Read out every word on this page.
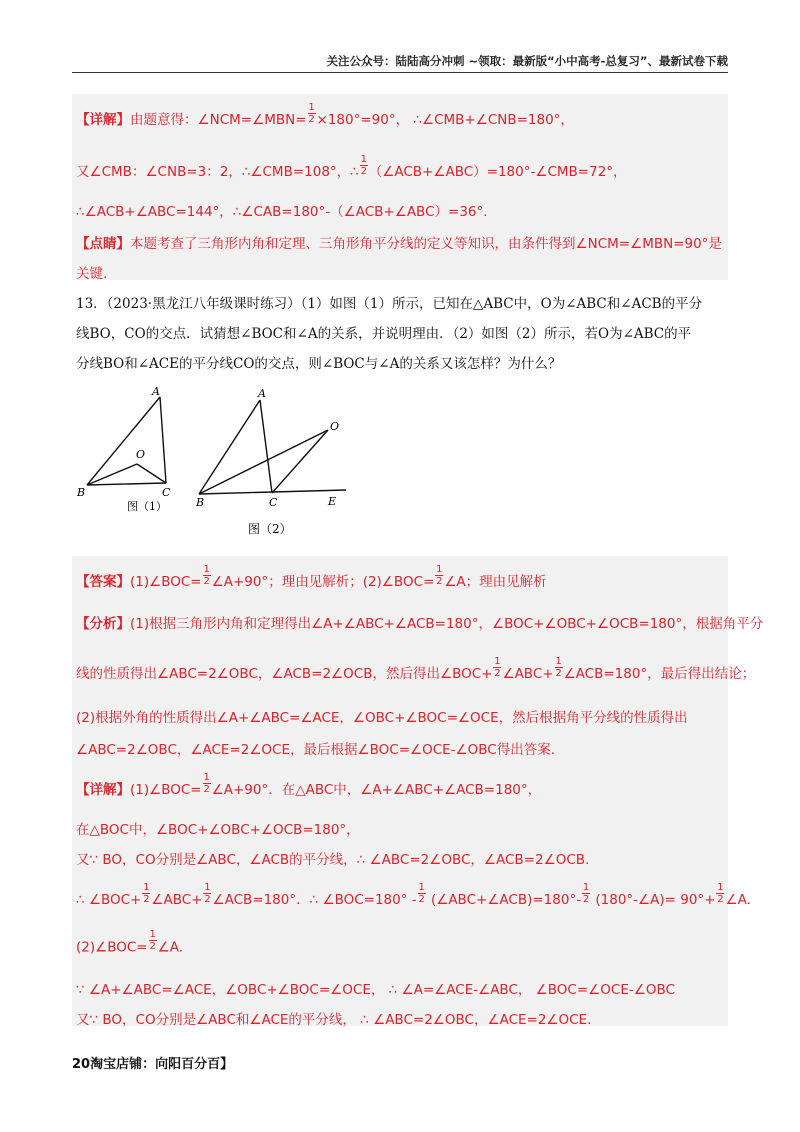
关注公众号：陆陆高分冲刺 ~领取：最新版“小中高考-总复习”、最新试卷下载
【详解】由题意得：∠NCM=∠MBN= $\frac{1}{2} \times 180^\circ=90^\circ$， ∴∠CMB+∠CNB=180°，
又∠CMB：∠CNB=3：2，∴∠CMB=108°，∴ $\frac{1}{2}$ （∠ACB+∠ABC）=180°-∠CMB=72°，
∴∠ACB+∠ABC=144°，∴∠CAB=180°-（∠ACB+∠ABC）=36°.
【点睛】本题考查了三角形内角和定理、三角形角平分线的定义等知识，由条件得到∠NCM=∠MBN=90°是
关键.
13．（2023·黑龙江八年级课时练习）（1）如图（1）所示，已知在△ABC中，O为∠ABC和∠ACB的平分
线BO，CO的交点．试猜想∠BOC和∠A的关系，并说明理由．（2）如图（2）所示，若O为∠ABC的平
分线BO和∠ACE的平分线CO的交点，则∠BOC与∠A的关系又该怎样？为什么？
A
O
B	C
图（1）
A
O
B	C	E
图（2）
【答案】(1)∠BOC= $\frac{1}{2}$ ∠A+90°；理由见解析；(2)∠BOC= $\frac{1}{2}$ ∠A；理由见解析
【分析】(1)根据三角形内角和定理得出∠A+∠ABC+∠ACB=180°，∠BOC+∠OBC+∠OCB=180°，根据角平分
线的性质得出∠ABC=2∠OBC，∠ACB=2∠OCB，然后得出∠BOC+ $\frac{1}{2}$ ∠ABC+ $\frac{1}{2}$ ∠ACB=180°，最后得出结论；
(2)根据外角的性质得出∠A+∠ABC=∠ACE，∠OBC+∠BOC=∠OCE，然后根据角平分线的性质得出
∠ABC=2∠OBC，∠ACE=2∠OCE，最后根据∠BOC=∠OCE-∠OBC得出答案.
【详解】(1)∠BOC= $\frac{1}{2}$ ∠A+90°．在△ABC中，∠A+∠ABC+∠ACB=180°，
在△BOC中，∠BOC+∠OBC+∠OCB=180°，
又∵ BO，CO分别是∠ABC，∠ACB的平分线，∴ ∠ABC=2∠OBC，∠ACB=2∠OCB.
∴ ∠BOC+ $\frac{1}{2}$ ∠ABC+ $\frac{1}{2}$ ∠ACB=180°．∴ ∠BOC=180° - $\frac{1}{2}$ (∠ABC+∠ACB)=180°- $\frac{1}{2}$ (180°-∠A)= $90^\circ+ \frac{1}{2}$ ∠A.
(2)∠BOC= $\frac{1}{2}$ ∠A.
∵ ∠A+∠ABC=∠ACE，∠OBC+∠BOC=∠OCE， ∴ ∠A=∠ACE-∠ABC， ∠BOC=∠OCE-∠OBC
又∵ BO，CO分别是∠ABC和∠ACE的平分线， ∴ ∠ABC=2∠OBC，∠ACE=2∠OCE.
20淘宝店铺：向阳百分百】
